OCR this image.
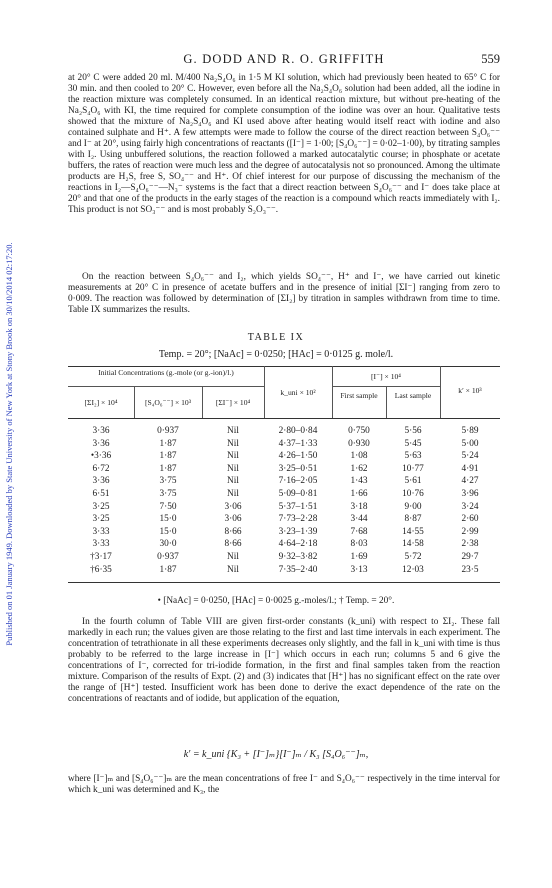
Published on 01 January 1949. Downloaded by State University of New York at Stony Brook on 30/10/2014 02:17:20.
G. DODD AND R. O. GRIFFITH	559

at 20° C were added 20 ml. M/400 Na₂S₄O₆ in 1·5 M KI solution, which had previously been heated to 65° C for 30 min. and then cooled to 20° C. However, even before all the Na₂S₄O₆ solution had been added, all the iodine in the reaction mixture was completely consumed. In an identical reaction mixture, but without pre-heating of the Na₂S₄O₆ with KI, the time required for complete consumption of the iodine was over an hour. Qualitative tests showed that the mixture of Na₂S₄O₆ and KI used above after heating would itself react with iodine and also contained sulphate and H⁺. A few attempts were made to follow the course of the direct reaction between S₄O₆⁻⁻ and I⁻ at 20°, using fairly high concentrations of reactants ([I⁻] = 1·00; [S₄O₆⁻⁻] = 0·02–1·00), by titrating samples with I₂. Using unbuffered solutions, the reaction followed a marked autocatalytic course; in phosphate or acetate buffers, the rates of reaction were much less and the degree of autocatalysis not so pronounced. Among the ultimate products are H₂S, free S, SO₄⁻⁻ and H⁺. Of chief interest for our purpose of discussing the mechanism of the reactions in I₂—S₄O₆⁻⁻—N₃⁻ systems is the fact that a direct reaction between S₄O₆⁻⁻ and I⁻ does take place at 20° and that one of the products in the early stages of the reaction is a compound which reacts immediately with I₂. This product is not SO₃⁻⁻ and is most probably S₂O₃⁻⁻.

On the reaction between S₄O₆⁻⁻ and I₂, which yields SO₄⁻⁻, H⁺ and I⁻, we have carried out kinetic measurements at 20° C in presence of acetate buffers and in the presence of initial [ΣI⁻] ranging from zero to 0·009. The reaction was followed by determination of [ΣI₂] by titration in samples withdrawn from time to time. Table IX summarizes the results.

TABLE IX
Temp. = 20°; [NaAc] = 0·0250; [HAc] = 0·0125 g. mole/l.
Initial Concentrations (g.-mole (or g.-ion)/l.)	[I⁻] × 10⁴
[ΣI₂] × 10⁴	[S₄O₆⁻⁻] × 10³	[ΣI⁻] × 10⁴
k_uni × 10²	First sample	Last sample
k′ × 10³
3·36	0·937	Nil	2·80–0·84	0·750	5·56	5·89
3·36	1·87	Nil	4·37–1·33	0·930	5·45	5·00
•3·36	1·87	Nil	4·26–1·50	1·08	5·63	5·24
6·72	1·87	Nil	3·25–0·51	1·62	10·77	4·91
3·36	3·75	Nil	7·16–2·05	1·43	5·61	4·27
6·51	3·75	Nil	5·09–0·81	1·66	10·76	3·96
3·25	7·50	3·06	5·37–1·51	3·18	9·00	3·24
3·25	15·0	3·06	7·73–2·28	3·44	8·87	2·60
3·33	15·0	8·66	3·23–1·39	7·68	14·55	2·99
3·33	30·0	8·66	4·64–2·18	8·03	14·58	2·38
†3·17	0·937	Nil	9·32–3·82	1·69	5·72	29·7
†6·35	1·87	Nil	7·35–2·40	3·13	12·03	23·5
• [NaAc] = 0·0250, [HAc] = 0·0025 g.-moles/l.; † Temp. = 20°.

In the fourth column of Table VIII are given first-order constants (k_uni) with respect to ΣI₂. These fall markedly in each run; the values given are those relating to the first and last time intervals in each experiment. The concentration of tetrathionate in all these experiments decreases only slightly, and the fall in k_uni with time is thus probably to be referred to the large increase in [I⁻] which occurs in each run; columns 5 and 6 give the concentrations of I⁻, corrected for tri-iodide formation, in the first and final samples taken from the reaction mixture. Comparison of the results of Expt. (2) and (3) indicates that [H⁺] has no significant effect on the rate over the range of [H⁺] tested. Insufficient work has been done to derive the exact dependence of the rate on the concentrations of reactants and of iodide, but application of the equation,

k′ = k_uni {K₃ + [I⁻]ₘ}[I⁻]ₘ / K₃ [S₄O₆⁻⁻]ₘ,

where [I⁻]ₘ and [S₄O₆⁻⁻]ₘ are the mean concentrations of free I⁻ and S₄O₆⁻⁻ respectively in the time interval for which k_uni was determined and K₃, the
